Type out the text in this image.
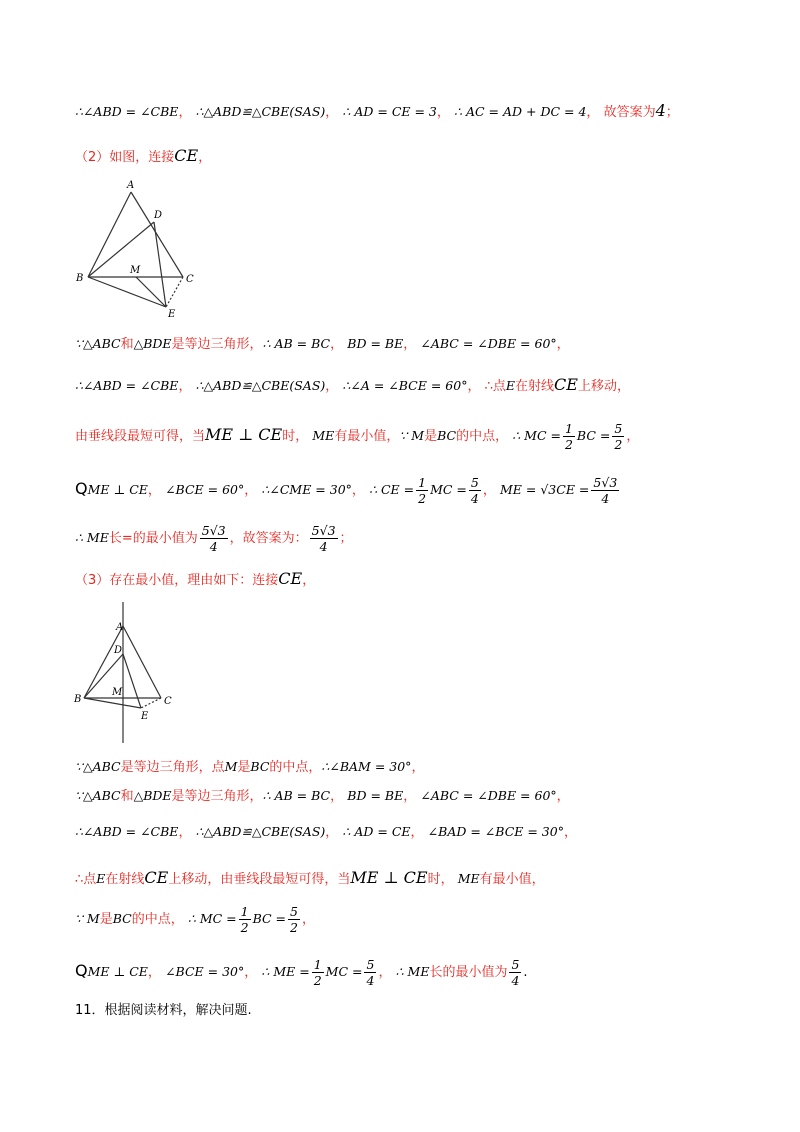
∴∠ABD = ∠CBE， ∴△ABD≌△CBE(SAS)， ∴ AD = CE = 3， ∴ AC = AD + DC = 4， 故答案为4；
（2）如图，连接CE，
A
D
B
M
C
E
∵△ABC和△BDE是等边三角形，∴ AB = BC， BD = BE， ∠ABC = ∠DBE = 60°，
∴∠ABD = ∠CBE， ∴△ABD≌△CBE(SAS)， ∴∠A = ∠BCE = 60°， ∴点E在射线CE上移动，
由垂线段最短可得，当ME ⊥ CE时， ME有最小值，∵ M是BC的中点， ∴ MC = $\frac{1}{2}$ BC = $\frac{5}{2}$ ，
QME ⊥ CE， ∠BCE = 60°， ∴∠CME = 30°， ∴ CE = $\frac{1}{2}$ MC = $\frac{5}{4}$ ， ME = $√3CE = \frac{5√3}{4}$
∴ ME长=的最小值为 $\frac{5√3}{4}$ ，故答案为： $\frac{5√3}{4}$ ；
（3）存在最小值，理由如下：连接CE，
A
D
B
M
C
E
∵△ABC是等边三角形，点M是BC的中点，∴∠BAM = 30°，
∵△ABC和△BDE是等边三角形，∴ AB = BC， BD = BE， ∠ABC = ∠DBE = 60°，
∴∠ABD = ∠CBE， ∴△ABD≌△CBE(SAS)， ∴ AD = CE， ∠BAD = ∠BCE = 30°，
∴点E在射线CE上移动，由垂线段最短可得，当ME ⊥ CE时， ME有最小值，
∵ M是BC的中点， ∴ MC = $\frac{1}{2}$ BC = $\frac{5}{2}$ ，
QME ⊥ CE， ∠BCE = 30°， ∴ ME = $\frac{1}{2}$ MC = $\frac{5}{4}$ ， ∴ ME长的最小值为 $\frac{5}{4}$ .
11．根据阅读材料，解决问题.
